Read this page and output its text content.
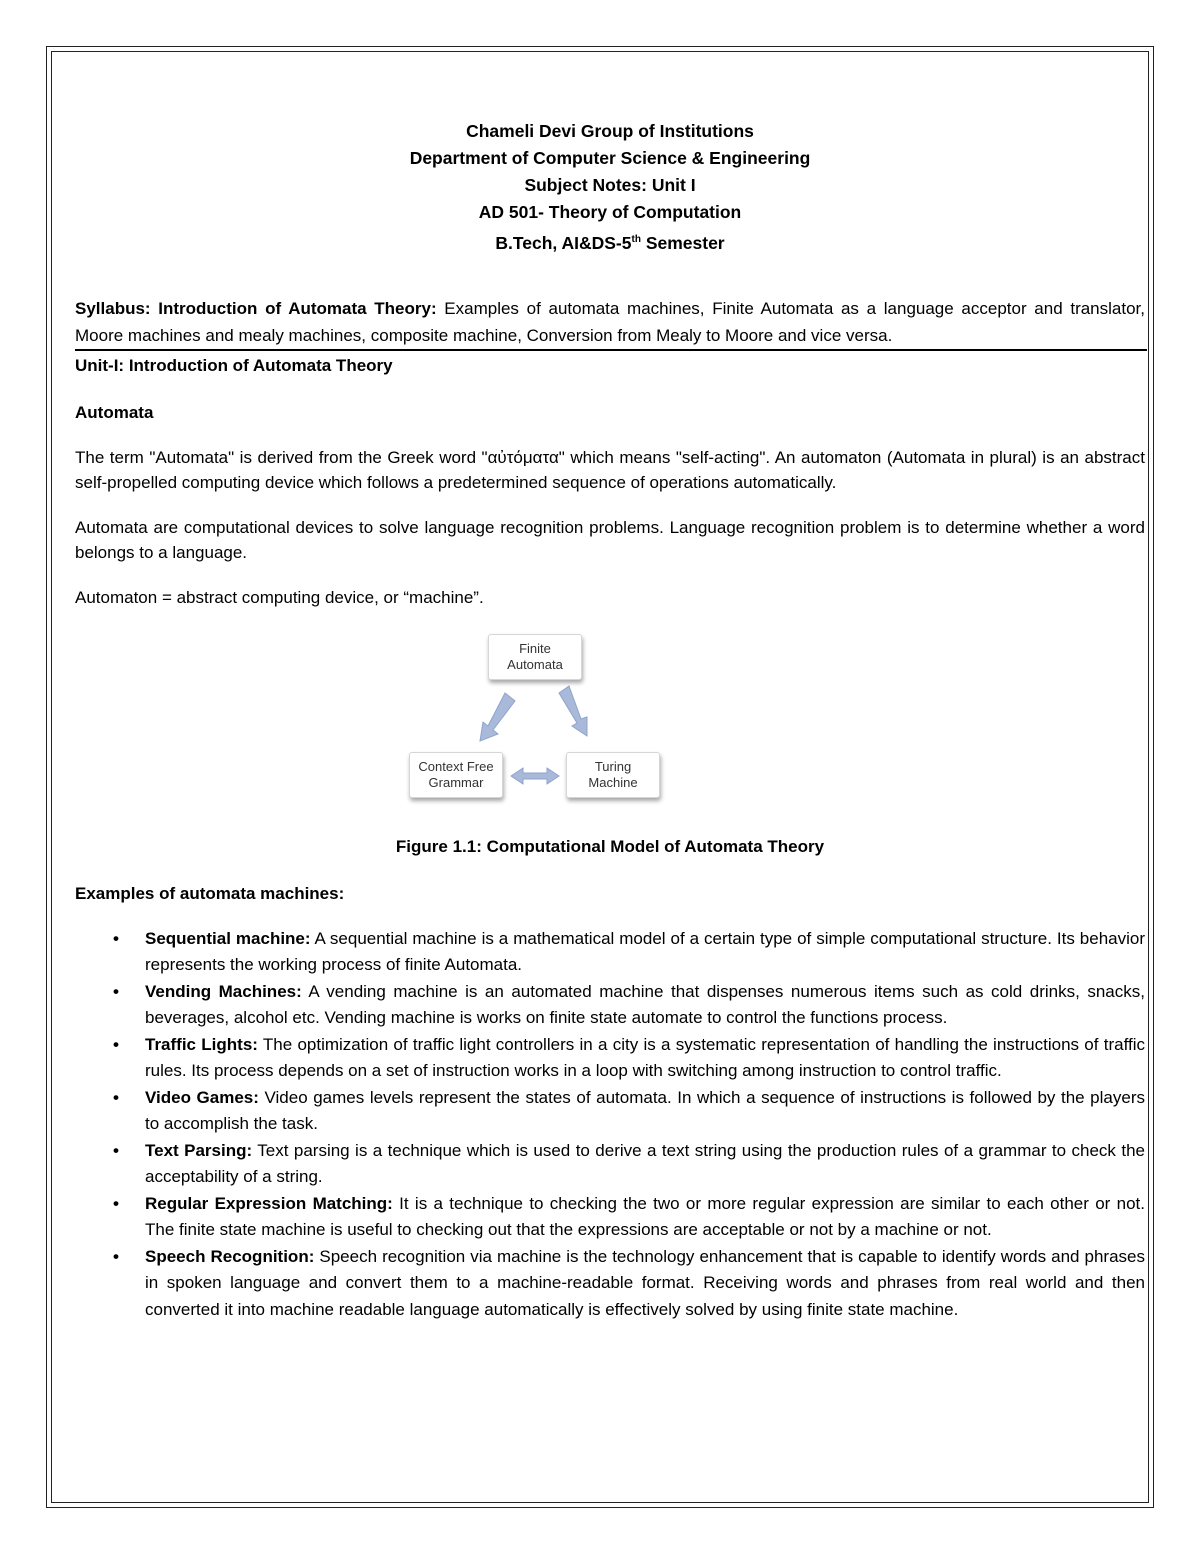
Chameli Devi Group of Institutions
Department of Computer Science & Engineering
Subject Notes: Unit I
AD 501- Theory of Computation
B.Tech, AI&DS-5th Semester
Syllabus: Introduction of Automata Theory: Examples of automata machines, Finite Automata as a language acceptor and translator, Moore machines and mealy machines, composite machine, Conversion from Mealy to Moore and vice versa.
Unit-I: Introduction of Automata Theory
Automata

The term "Automata" is derived from the Greek word "αὐτόματα" which means "self-acting". An automaton (Automata in plural) is an abstract self-propelled computing device which follows a predetermined sequence of operations automatically.

Automata are computational devices to solve language recognition problems. Language recognition problem is to determine whether a word belongs to a language.

Automaton = abstract computing device, or “machine”.

Finite Automata
Context Free Grammar
Turing Machine
Figure 1.1: Computational Model of Automata Theory
Examples of automata machines:
• Sequential machine: A sequential machine is a mathematical model of a certain type of simple computational structure. Its behavior represents the working process of finite Automata.
• Vending Machines: A vending machine is an automated machine that dispenses numerous items such as cold drinks, snacks, beverages, alcohol etc. Vending machine is works on finite state automate to control the functions process.
• Traffic Lights: The optimization of traffic light controllers in a city is a systematic representation of handling the instructions of traffic rules. Its process depends on a set of instruction works in a loop with switching among instruction to control traffic.
• Video Games: Video games levels represent the states of automata. In which a sequence of instructions is followed by the players to accomplish the task.
• Text Parsing: Text parsing is a technique which is used to derive a text string using the production rules of a grammar to check the acceptability of a string.
• Regular Expression Matching: It is a technique to checking the two or more regular expression are similar to each other or not. The finite state machine is useful to checking out that the expressions are acceptable or not by a machine or not.
• Speech Recognition: Speech recognition via machine is the technology enhancement that is capable to identify words and phrases in spoken language and convert them to a machine-readable format. Receiving words and phrases from real world and then converted it into machine readable language automatically is effectively solved by using finite state machine.
